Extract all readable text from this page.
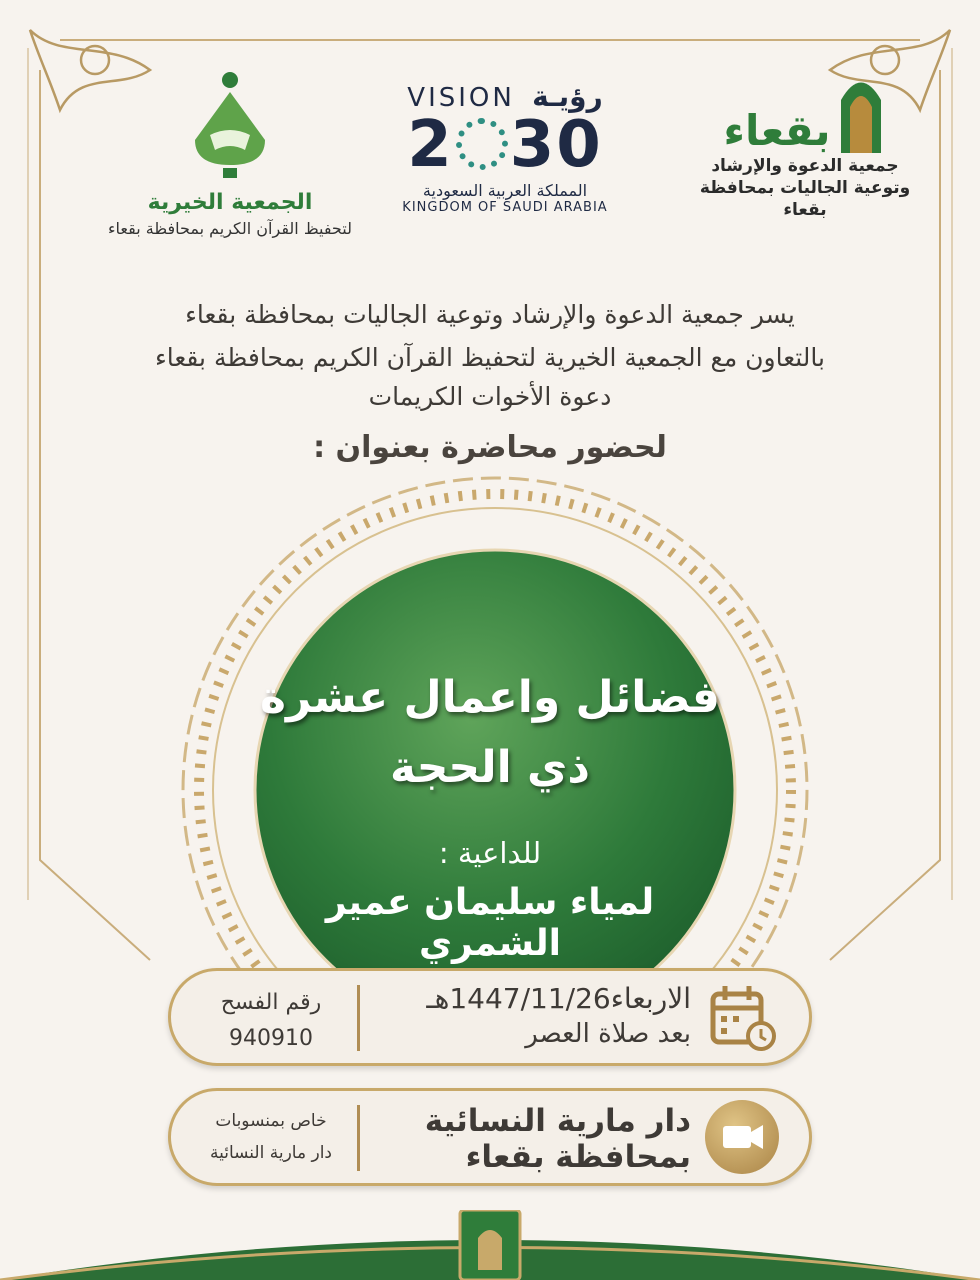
الجمعية الخيرية
لتحفيظ القرآن الكريم بمحافظة بقعاء
VISION رؤيـة
2 30
المملكة العربية السعودية
KINGDOM OF SAUDI ARABIA
بقعاء
جمعية الدعوة والإرشاد
وتوعية الجاليات بمحافظة بقعاء
يسر جمعية الدعوة والإرشاد وتوعية الجاليات بمحافظة بقعاء
بالتعاون مع الجمعية الخيرية لتحفيظ القرآن الكريم بمحافظة بقعاء
دعوة الأخوات الكريمات
لحضور محاضرة بعنوان :
فضائل واعمال عشرة
ذي الحجة
للداعية :
لمياء سليمان عمير الشمري
الاربعاء1447/11/26هـ
بعد صلاة العصر
رقم الفسح
940910
دار مارية النسائية
بمحافظة بقعاء
خاص بمنسوبات
دار مارية النسائية
